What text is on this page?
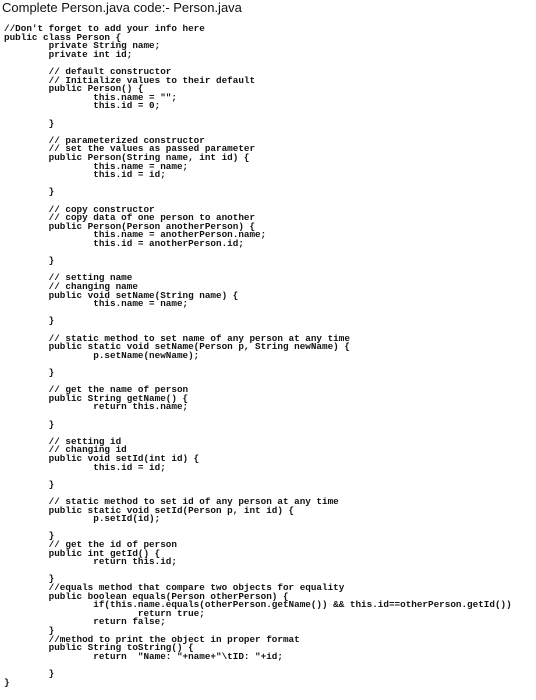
Complete Person.java code:- Person.java
//Don't forget to add your info here
public class Person {
private String name;
private int id;
// default constructor
// Initialize values to their default
public Person() {
this.name = "";
this.id = 0;
}
// parameterized constructor
// set the values as passed parameter
public Person(String name, int id) {
this.name = name;
this.id = id;
}
// copy constructor
// copy data of one person to another
public Person(Person anotherPerson) {
this.name = anotherPerson.name;
this.id = anotherPerson.id;
}
// setting name
// changing name
public void setName(String name) {
this.name = name;
}
// static method to set name of any person at any time
public static void setName(Person p, String newName) {
p.setName(newName);
}
// get the name of person
public String getName() {
return this.name;
}
// setting id
// changing id
public void setId(int id) {
this.id = id;
}
// static method to set id of any person at any time
public static void setId(Person p, int id) {
p.setId(id);
}
// get the id of person
public int getId() {
return this.id;
}
//equals method that compare two objects for equality
public boolean equals(Person otherPerson) {
if(this.name.equals(otherPerson.getName()) && this.id==otherPerson.getId())
return true;
return false;
}
//method to print the object in proper format
public String toString() {
return  "Name: "+name+"\tID: "+id;
}
}
